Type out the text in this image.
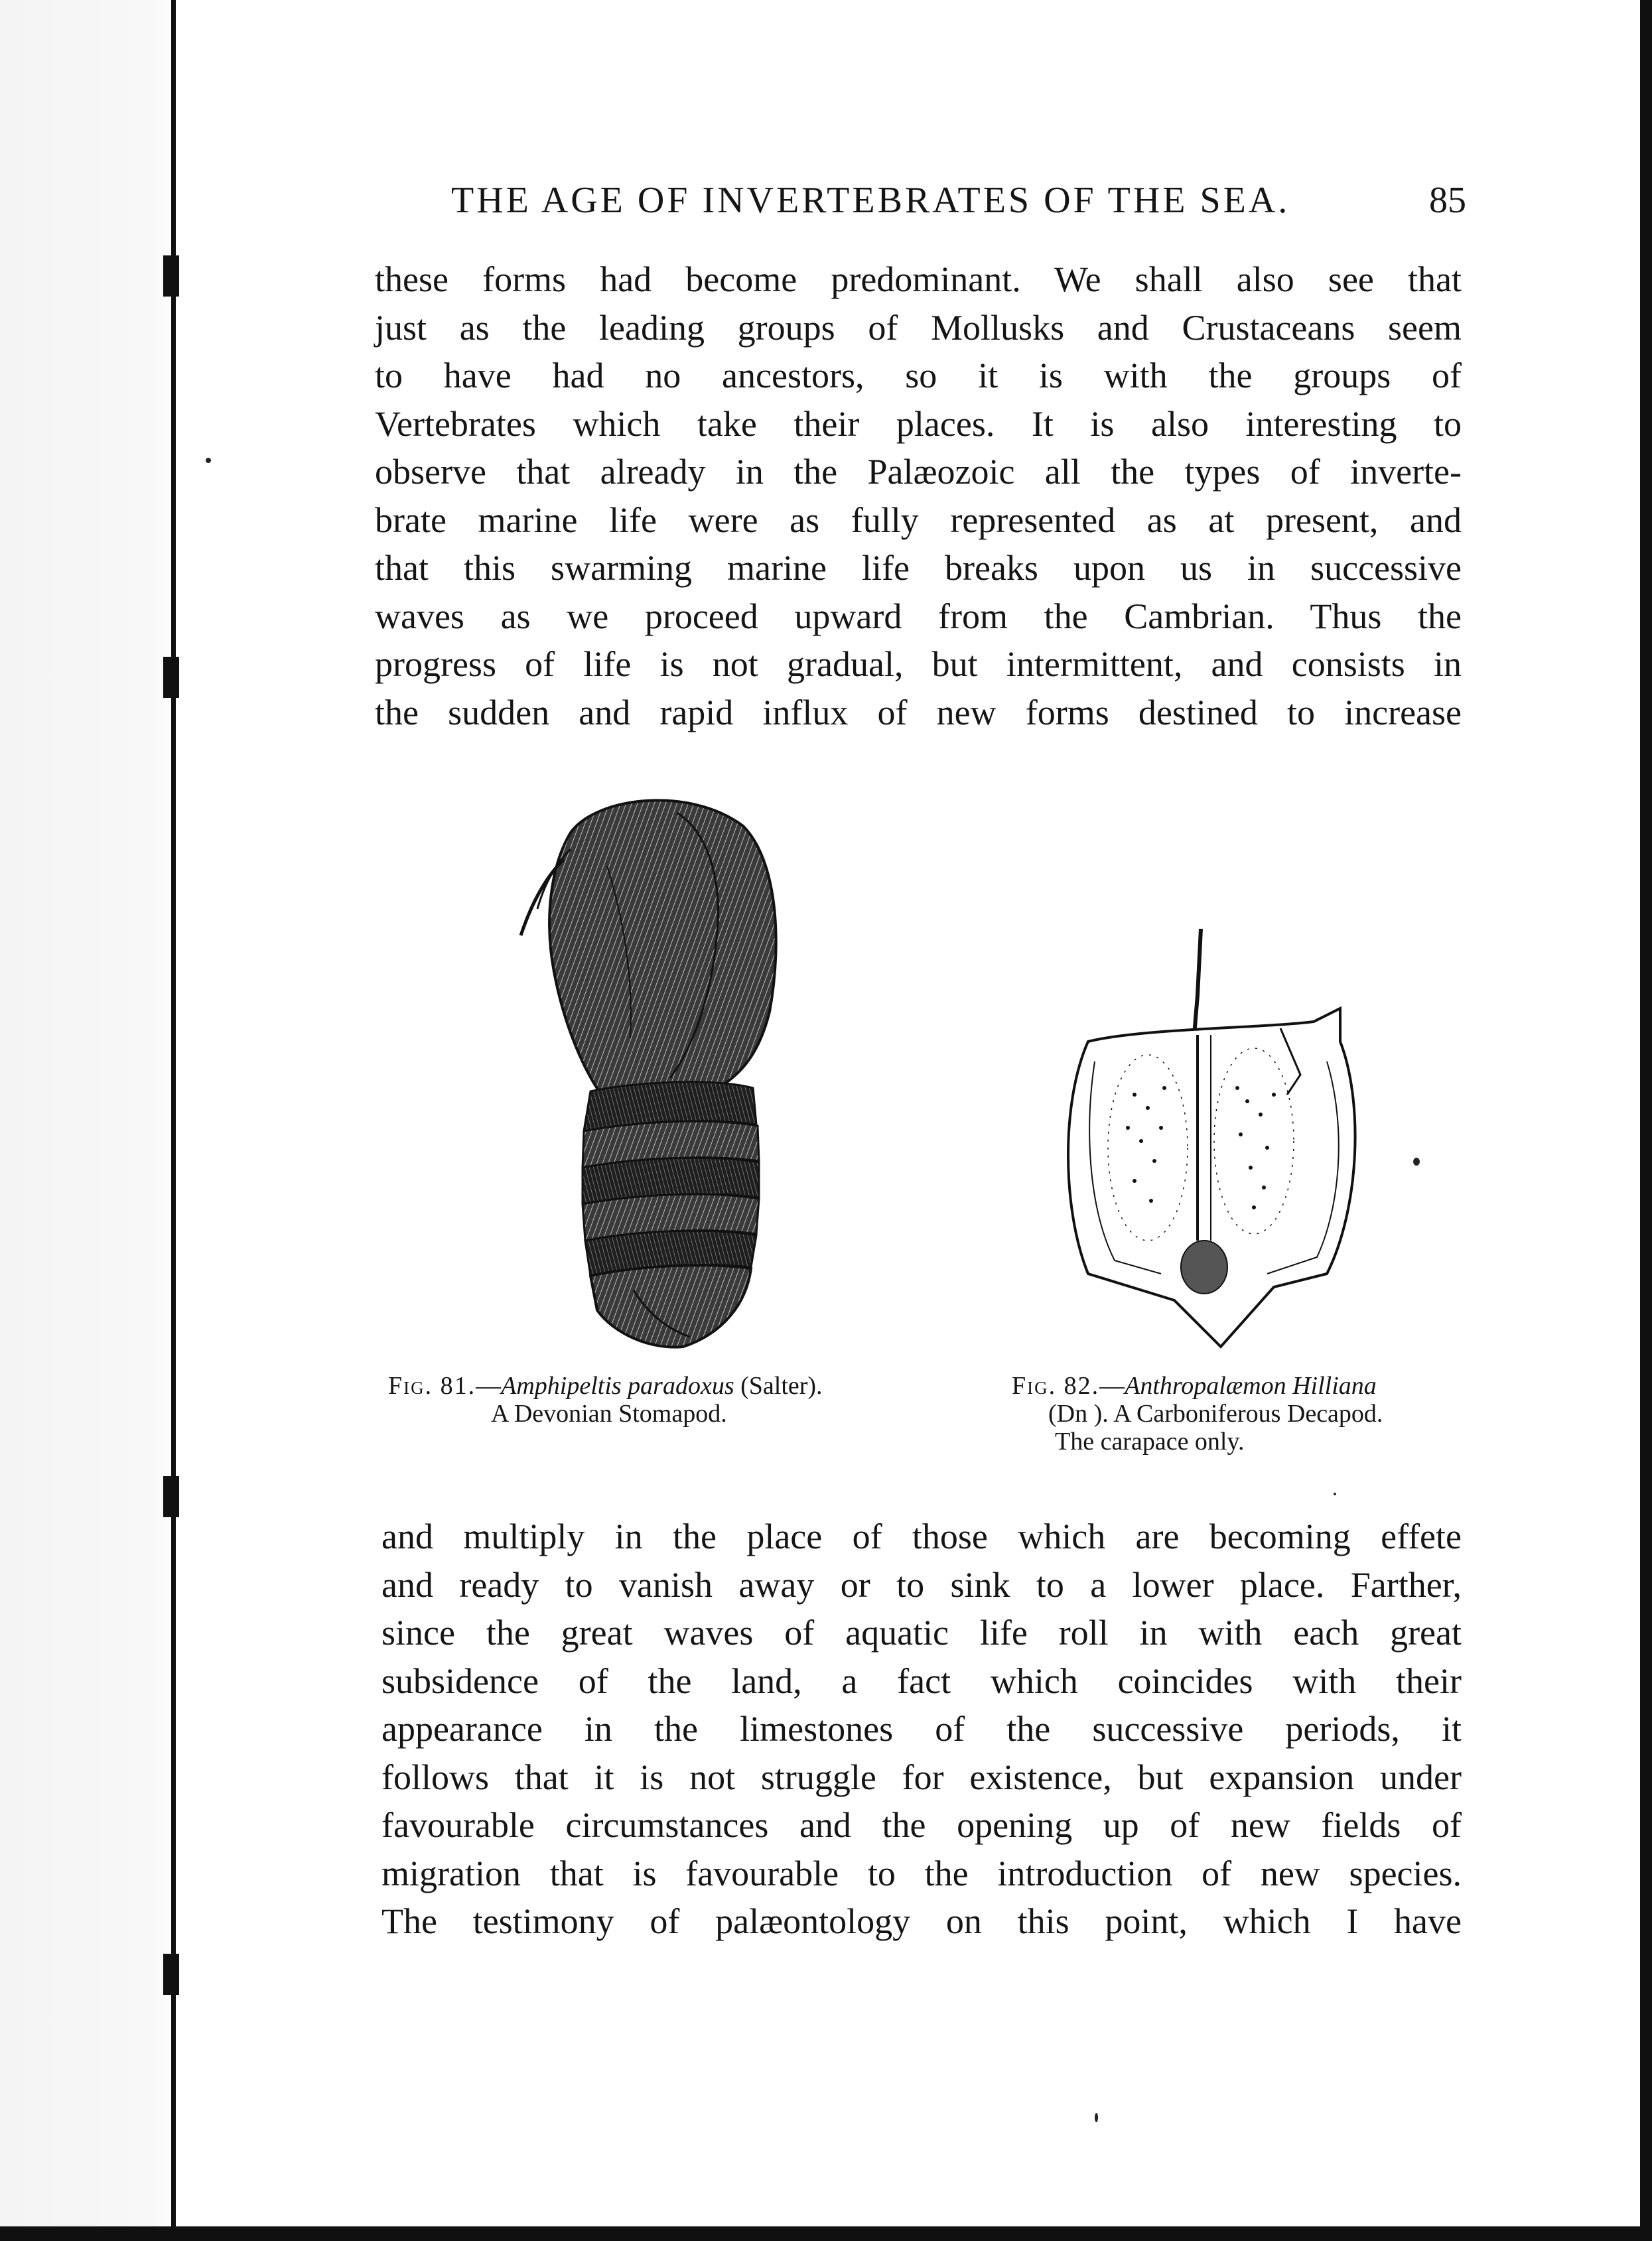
THE AGE OF INVERTEBRATES OF THE SEA.	85
these forms had become predominant. We shall also see that
just as the leading groups of Mollusks and Crustaceans seem
to have had no ancestors, so it is with the groups of
Vertebrates which take their places. It is also interesting to
observe that already in the Palæozoic all the types of inverte-
brate marine life were as fully represented as at present, and
that this swarming marine life breaks upon us in successive
waves as we proceed upward from the Cambrian. Thus the
progress of life is not gradual, but intermittent, and consists in
the sudden and rapid influx of new forms destined to increase
Fig. 81.—Amphipeltis paradoxus (Salter).
A Devonian Stomapod.
Fig. 82.—Anthropalæmon Hilliana
(Dn ). A Carboniferous Decapod.
The carapace only.
and multiply in the place of those which are becoming effete
and ready to vanish away or to sink to a lower place. Farther,
since the great waves of aquatic life roll in with each great
subsidence of the land, a fact which coincides with their
appearance in the limestones of the successive periods, it
follows that it is not struggle for existence, but expansion under
favourable circumstances and the opening up of new fields of
migration that is favourable to the introduction of new species.
The testimony of palæontology on this point, which I have
